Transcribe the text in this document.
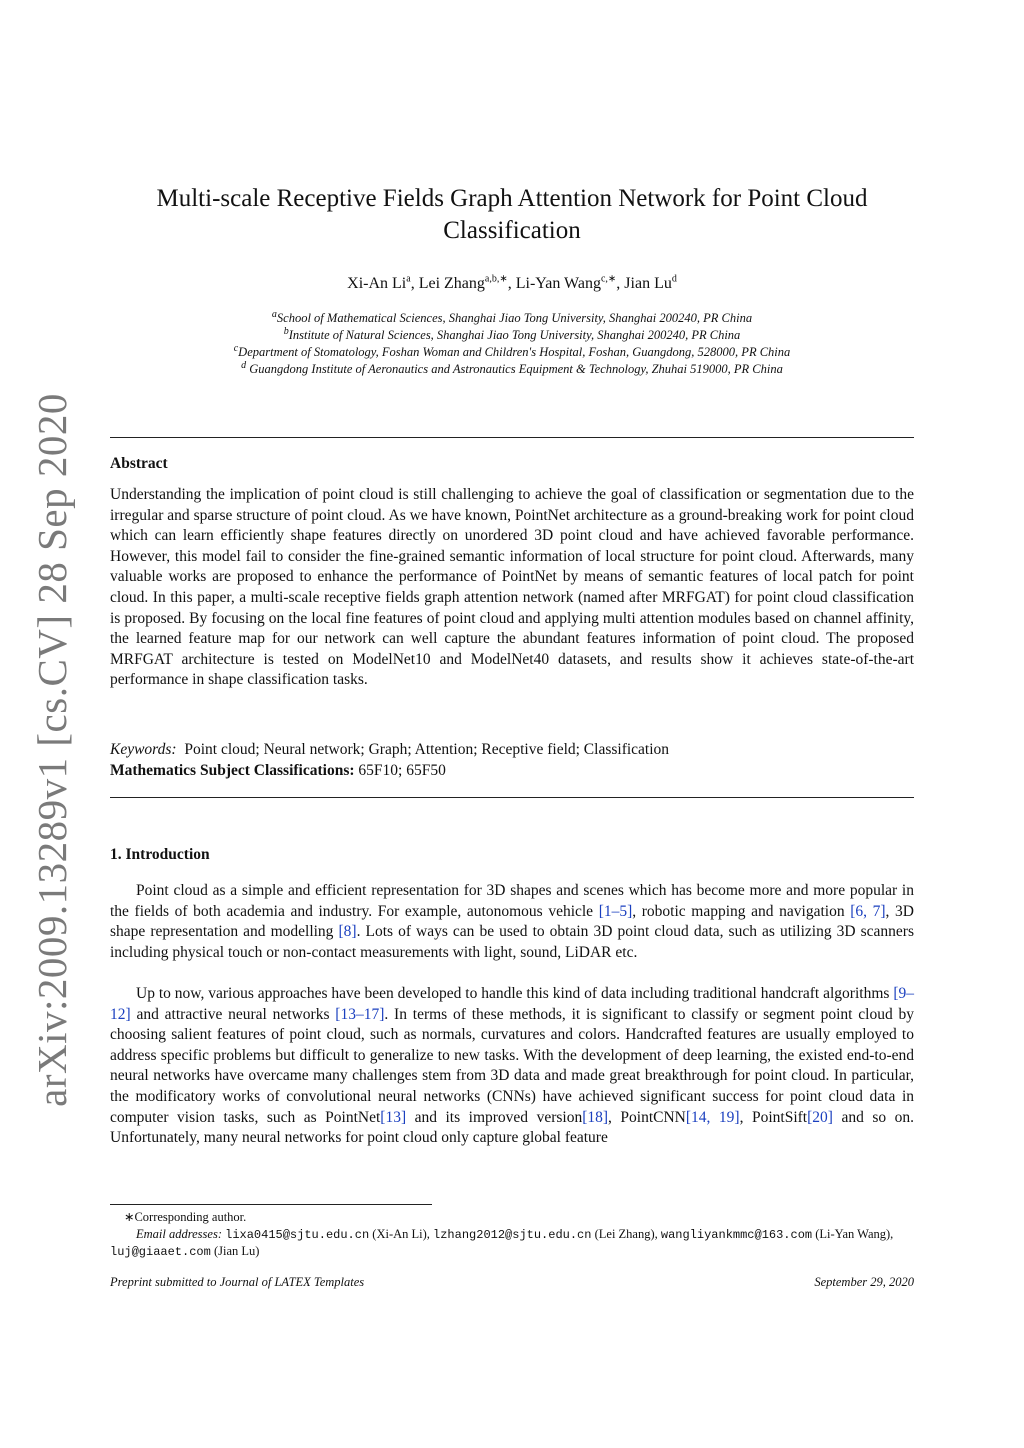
arXiv:2009.13289v1 [cs.CV] 28 Sep 2020
Multi-scale Receptive Fields Graph Attention Network for Point Cloud Classification
Xi-An Li$^a$, Lei Zhang$^{a,b,∗}$, Li-Yan Wang$^{c,∗}$, Jian Lu$^d$
$^a$School of Mathematical Sciences, Shanghai Jiao Tong University, Shanghai 200240, PR China
$^b$Institute of Natural Sciences, Shanghai Jiao Tong University, Shanghai 200240, PR China
$^c$Department of Stomatology, Foshan Woman and Children's Hospital, Foshan, Guangdong, 528000, PR China
$^d$ Guangdong Institute of Aeronautics and Astronautics Equipment & Technology, Zhuhai 519000, PR China
Abstract

Understanding the implication of point cloud is still challenging to achieve the goal of classification or segmentation due to the irregular and sparse structure of point cloud. As we have known, PointNet architecture as a ground-breaking work for point cloud which can learn efficiently shape features directly on unordered 3D point cloud and have achieved favorable performance. However, this model fail to consider the fine-grained semantic information of local structure for point cloud. Afterwards, many valuable works are proposed to enhance the performance of PointNet by means of semantic features of local patch for point cloud. In this paper, a multi-scale receptive fields graph attention network (named after MRFGAT) for point cloud classification is proposed. By focusing on the local fine features of point cloud and applying multi attention modules based on channel affinity, the learned feature map for our network can well capture the abundant features information of point cloud. The proposed MRFGAT architecture is tested on ModelNet10 and ModelNet40 datasets, and results show it achieves state-of-the-art performance in shape classification tasks.

Keywords: Point cloud; Neural network; Graph; Attention; Receptive field; Classification
Mathematics Subject Classifications: 65F10; 65F50
1. Introduction

Point cloud as a simple and efficient representation for 3D shapes and scenes which has become more and more popular in the fields of both academia and industry. For example, autonomous vehicle [1–5], robotic mapping and navigation [6, 7], 3D shape representation and modelling [8]. Lots of ways can be used to obtain 3D point cloud data, such as utilizing 3D scanners including physical touch or non-contact measurements with light, sound, LiDAR etc.

Up to now, various approaches have been developed to handle this kind of data including traditional handcraft algorithms [9–12] and attractive neural networks [13–17]. In terms of these methods, it is significant to classify or segment point cloud by choosing salient features of point cloud, such as normals, curvatures and colors. Handcrafted features are usually employed to address specific problems but difficult to generalize to new tasks. With the development of deep learning, the existed end-to-end neural networks have overcame many challenges stem from 3D data and made great breakthrough for point cloud. In particular, the modificatory works of convolutional neural networks (CNNs) have achieved significant success for point cloud data in computer vision tasks, such as PointNet[13] and its improved version[18], PointCNN[14, 19], PointSift[20] and so on. Unfortunately, many neural networks for point cloud only capture global feature

∗Corresponding author.
Email addresses: lixa0415@sjtu.edu.cn (Xi-An Li), lzhang2012@sjtu.edu.cn (Lei Zhang), wangliyankmmc@163.com (Li-Yan Wang), luj@giaaet.com (Jian Lu)
Preprint submitted to Journal of LATEX Templates	September 29, 2020
